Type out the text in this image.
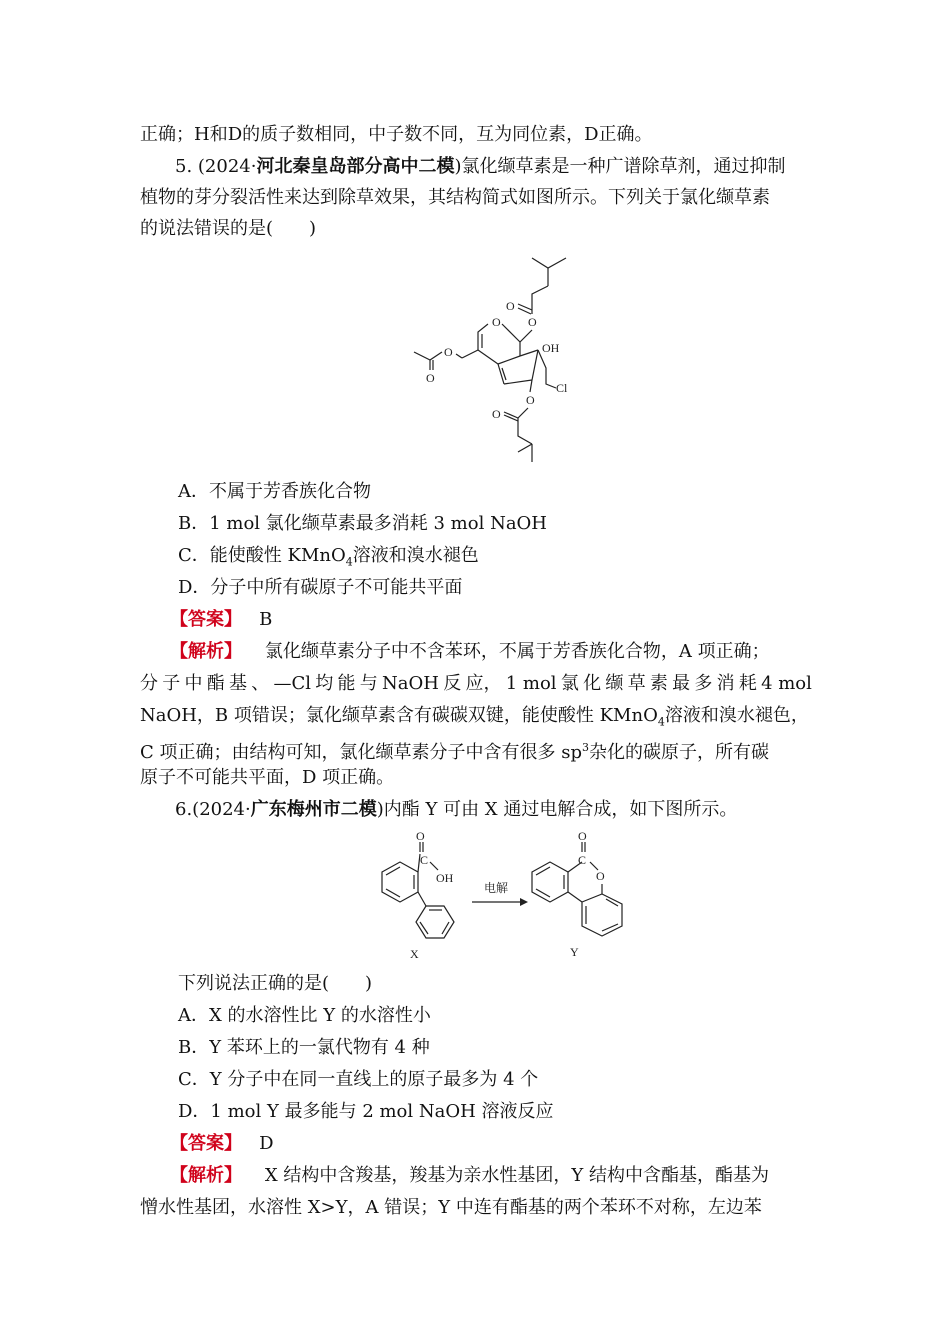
正确；H和D的质子数相同，中子数不同，互为同位素，D正确。
5. (2024·河北秦皇岛部分高中二模)氯化缬草素是一种广谱除草剂，通过抑制
植物的芽分裂活性来达到除草效果，其结构简式如图所示。下列关于氯化缬草素
的说法错误的是(　　)
O
O
O
OH
Cl
O
O
O
O
A．不属于芳香族化合物
B．1 mol 氯化缬草素最多消耗 3 mol NaOH
C．能使酸性 KMnO$_4$溶液和溴水褪色
D．分子中所有碳原子不可能共平面
【答案】 B
【解析】 氯化缬草素分子中不含苯环，不属于芳香族化合物，A 项正确；
分 子 中 酯 基 、 —Cl 均 能 与 NaOH 反 应， 1 mol 氯 化 缬 草 素 最 多 消 耗 4 mol
NaOH，B 项错误；氯化缬草素含有碳碳双键，能使酸性 KMnO$_4$溶液和溴水褪色，
C 项正确；由结构可知，氯化缬草素分子中含有很多 $sp^3$杂化的碳原子，所有碳
原子不可能共平面，D 项正确。
6.(2024·广东梅州市二模)内酯 Y 可由 X 通过电解合成，如下图所示。
O
C
OH
X
电解
C
O
O
Y
下列说法正确的是(　　)
A．X 的水溶性比 Y 的水溶性小
B．Y 苯环上的一氯代物有 4 种
C．Y 分子中在同一直线上的原子最多为 4 个
D．1 mol Y 最多能与 2 mol NaOH 溶液反应
【答案】 D
【解析】 X 结构中含羧基，羧基为亲水性基团，Y 结构中含酯基，酯基为
憎水性基团，水溶性 X>Y，A 错误；Y 中连有酯基的两个苯环不对称，左边苯
